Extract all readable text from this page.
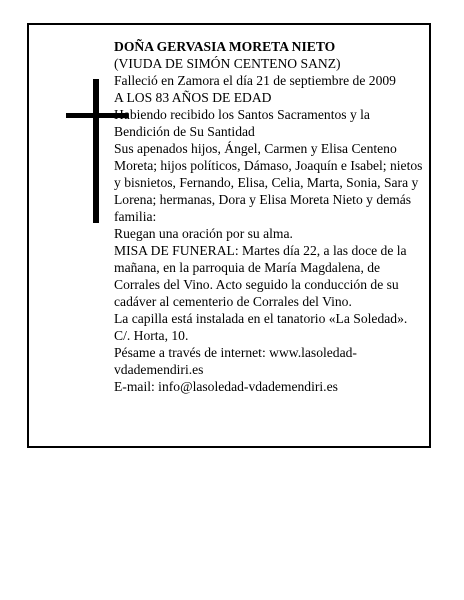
DOÑA GERVASIA MORETA NIETO

(VIUDA DE SIMÓN CENTENO SANZ)

Falleció en Zamora el día 21 de septiembre de 2009

A LOS 83 AÑOS DE EDAD

Habiendo recibido los Santos Sacramentos y la Bendición de Su Santidad

Sus apenados hijos, Ángel, Carmen y Elisa Centeno Moreta; hijos políticos, Dámaso, Joaquín e Isabel; nietos y bisnietos, Fernando, Elisa, Celia, Marta, Sonia, Sara y Lorena; hermanas, Dora y Elisa Moreta Nieto y demás familia:

Ruegan una oración por su alma.

MISA DE FUNERAL: Martes día 22, a las doce de la mañana, en la parroquia de María Magdalena, de Corrales del Vino. Acto seguido la conducción de su cadáver al cementerio de Corrales del Vino.

La capilla está instalada en el tanatorio «La Soledad». C/. Horta, 10.

Pésame a través de internet: www.lasoledad-vdademendiri.es

E-mail: info@lasoledad-vdademendiri.es
